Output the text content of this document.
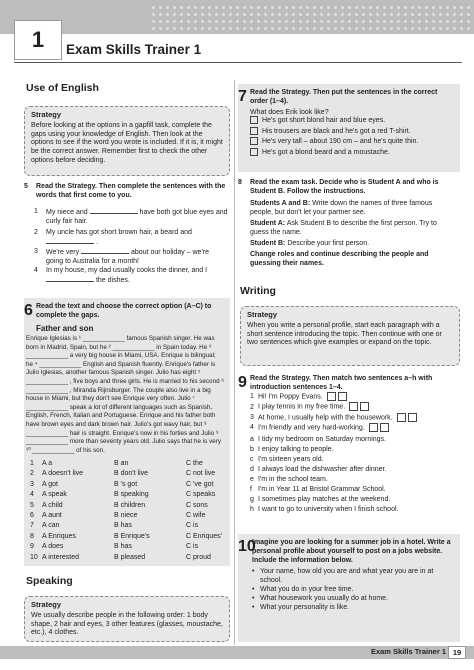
1	Exam Skills Trainer 1
Use of English
Strategy
Before looking at the options in a gapfill task, complete the gaps using your knowledge of English. Then look at the options to see if the word you wrote is included. If it is, it might be the correct answer. Remember first to check the other options before deciding.
5 Read the Strategy. Then complete the sentences with the words that first come to you.
1 My niece and	have both got blue eyes and curly fair hair.
2 My uncle has got short brown hair, a beard and  .
3 We're very	about our holiday – we're going to Australia for a month!
4 In my house, my dad usually cooks the dinner, and I  the dishes.
6 Read the text and choose the correct option (A–C) to complete the gaps.
Father and son
Enrique Iglesias is ¹ ____________ famous Spanish singer. He was born in Madrid, Spain, but he ² ____________ in Spain today. He ³ ____________ a very big house in Miami, USA. Enrique is bilingual; he ⁴ ____________ English and Spanish fluently. Enrique's father is Julio Iglesias, another famous Spanish singer. Julio has eight ⁵ ____________ , five boys and three girls. He is married to his second ⁶ ____________ , Miranda Rijnsburger. The couple also live in a big house in Miami, but they don't see Enrique very often. Julio ⁷ ____________ speak a lot of different languages such as Spanish, English, French, Italian and Portuguese. Enrique and his father both have brown eyes and dark brown hair. Julio's got wavy hair, but ⁸ ____________ hair is straight. Enrique's now in his forties and Julio ⁹ ____________ more than seventy years old. Julio says that he is very ¹⁰ ____________ of his son.
1 A a	B an	C the
2 A doesn't live	B don't live	C not live
3 A got	B 's got	C 've got
4 A speak	B speaking	C speaks
5 A child	B children	C sons
6 A aunt	B niece	C wife
7 A can	B has	C is
8 A Enriques	B Enrique's	C Enriques'
9 A does	B has	C is
10 A interested	B pleased	C proud
Speaking
Strategy
We usually describe people in the following order: 1 body shape, 2 hair and eyes, 3 other features (glasses, moustache, etc.), 4 clothes.
7 Read the Strategy. Then put the sentences in the correct order (1–4).
What does Erik look like?
He's got short blond hair and blue eyes.
His trousers are black and he's got a red T-shirt.
He's very tall – about 190 cm – and he's quite thin.
He's got a blond beard and a moustache.
8 Read the exam task. Decide who is Student A and who is Student B. Follow the instructions.
Students A and B: Write down the names of three famous people, but don't let your partner see.
Student A: Ask Student B to describe the first person. Try to guess the name.
Student B: Describe your first person.
Change roles and continue describing the people and guessing their names.
Writing
Strategy
When you write a personal profile, start each paragraph with a short sentence introducing the topic. Then continue with one or two sentences which give examples or expand on the topic.
9 Read the Strategy. Then match two sentences a–h with introduction sentences 1–4.
1 Hi! I'm Poppy Evans.
2 I play tennis in my free time.
3 At home, I usually help with the housework.
4 I'm friendly and very hard-working.
a I tidy my bedroom on Saturday mornings.
b I enjoy talking to people.
c I'm sixteen years old.
d I always load the dishwasher after dinner.
e I'm in the school team.
f I'm in Year 11 at Bristol Grammar School.
g I sometimes play matches at the weekend.
h I want to go to university when I finish school.
10
Imagine you are looking for a summer job in a hotel. Write a personal profile about yourself to post on a jobs website. Include the information below.
• Your name, how old you are and what year you are in at school.
• What you do in your free time.
• What housework you usually do at home.
• What your personality is like.
Exam Skills Trainer 1 19
